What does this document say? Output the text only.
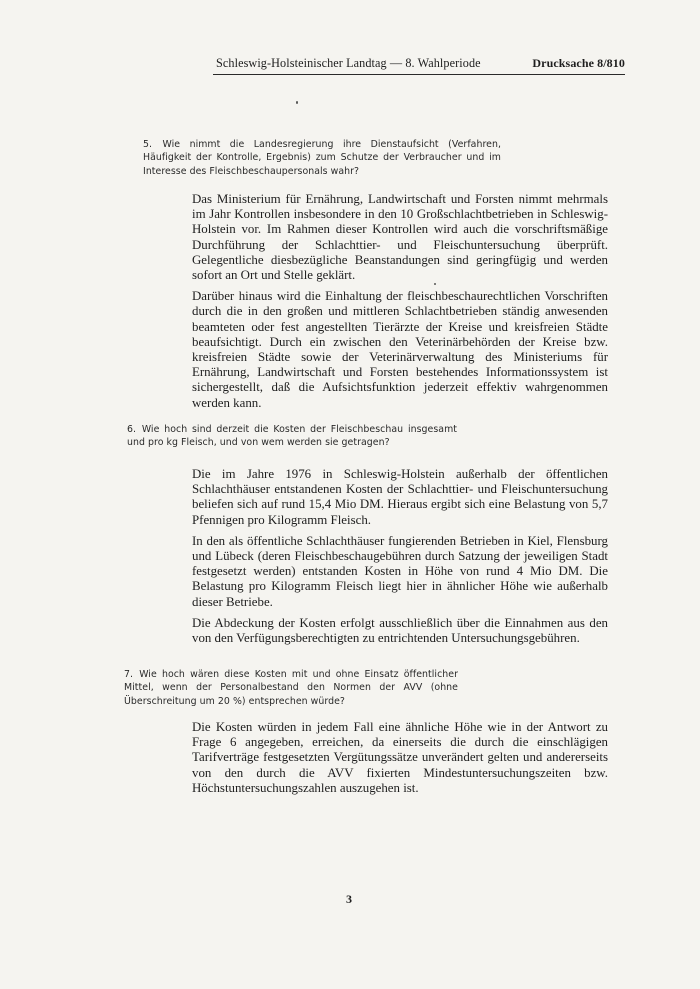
Schleswig-Holsteinischer Landtag — 8. Wahlperiode	Drucksache 8/810
5. Wie nimmt die Landesregierung ihre Dienstaufsicht (Verfahren, Häufigkeit der Kontrolle, Ergebnis) zum Schutze der Verbraucher und im Interesse des Fleischbeschaupersonals wahr?

Das Ministerium für Ernährung, Landwirtschaft und Forsten nimmt mehrmals im Jahr Kontrollen insbesondere in den 10 Großschlachtbetrieben in Schleswig-Holstein vor. Im Rahmen dieser Kontrollen wird auch die vorschriftsmäßige Durchführung der Schlachttier- und Fleischuntersuchung überprüft. Gelegentliche diesbezügliche Beanstandungen sind geringfügig und werden sofort an Ort und Stelle geklärt.

Darüber hinaus wird die Einhaltung der fleischbeschaurechtlichen Vorschriften durch die in den großen und mittleren Schlachtbetrieben ständig anwesenden beamteten oder fest angestellten Tierärzte der Kreise und kreisfreien Städte beaufsichtigt. Durch ein zwischen den Veterinärbehörden der Kreise bzw. kreisfreien Städte sowie der Veterinärverwaltung des Ministeriums für Ernährung, Landwirtschaft und Forsten bestehendes Informationssystem ist sichergestellt, daß die Aufsichtsfunktion jederzeit effektiv wahrgenommen werden kann.

6. Wie hoch sind derzeit die Kosten der Fleischbeschau insgesamt und pro kg Fleisch, und von wem werden sie getragen?

Die im Jahre 1976 in Schleswig-Holstein außerhalb der öffentlichen Schlachthäuser entstandenen Kosten der Schlachttier- und Fleischuntersuchung beliefen sich auf rund 15,4 Mio DM. Hieraus ergibt sich eine Belastung von 5,7 Pfennigen pro Kilogramm Fleisch.

In den als öffentliche Schlachthäuser fungierenden Betrieben in Kiel, Flensburg und Lübeck (deren Fleischbeschaugebühren durch Satzung der jeweiligen Stadt festgesetzt werden) entstanden Kosten in Höhe von rund 4 Mio DM. Die Belastung pro Kilogramm Fleisch liegt hier in ähnlicher Höhe wie außerhalb dieser Betriebe.

Die Abdeckung der Kosten erfolgt ausschließlich über die Einnahmen aus den von den Verfügungsberechtigten zu entrichtenden Untersuchungsgebühren.

7. Wie hoch wären diese Kosten mit und ohne Einsatz öffentlicher Mittel, wenn der Personalbestand den Normen der AVV (ohne Überschreitung um 20 %) entsprechen würde?

Die Kosten würden in jedem Fall eine ähnliche Höhe wie in der Antwort zu Frage 6 angegeben, erreichen, da einerseits die durch die einschlägigen Tarifverträge festgesetzten Vergütungssätze unverändert gelten und andererseits von den durch die AVV fixierten Mindestuntersuchungszeiten bzw. Höchstuntersuchungszahlen auszugehen ist.

3
